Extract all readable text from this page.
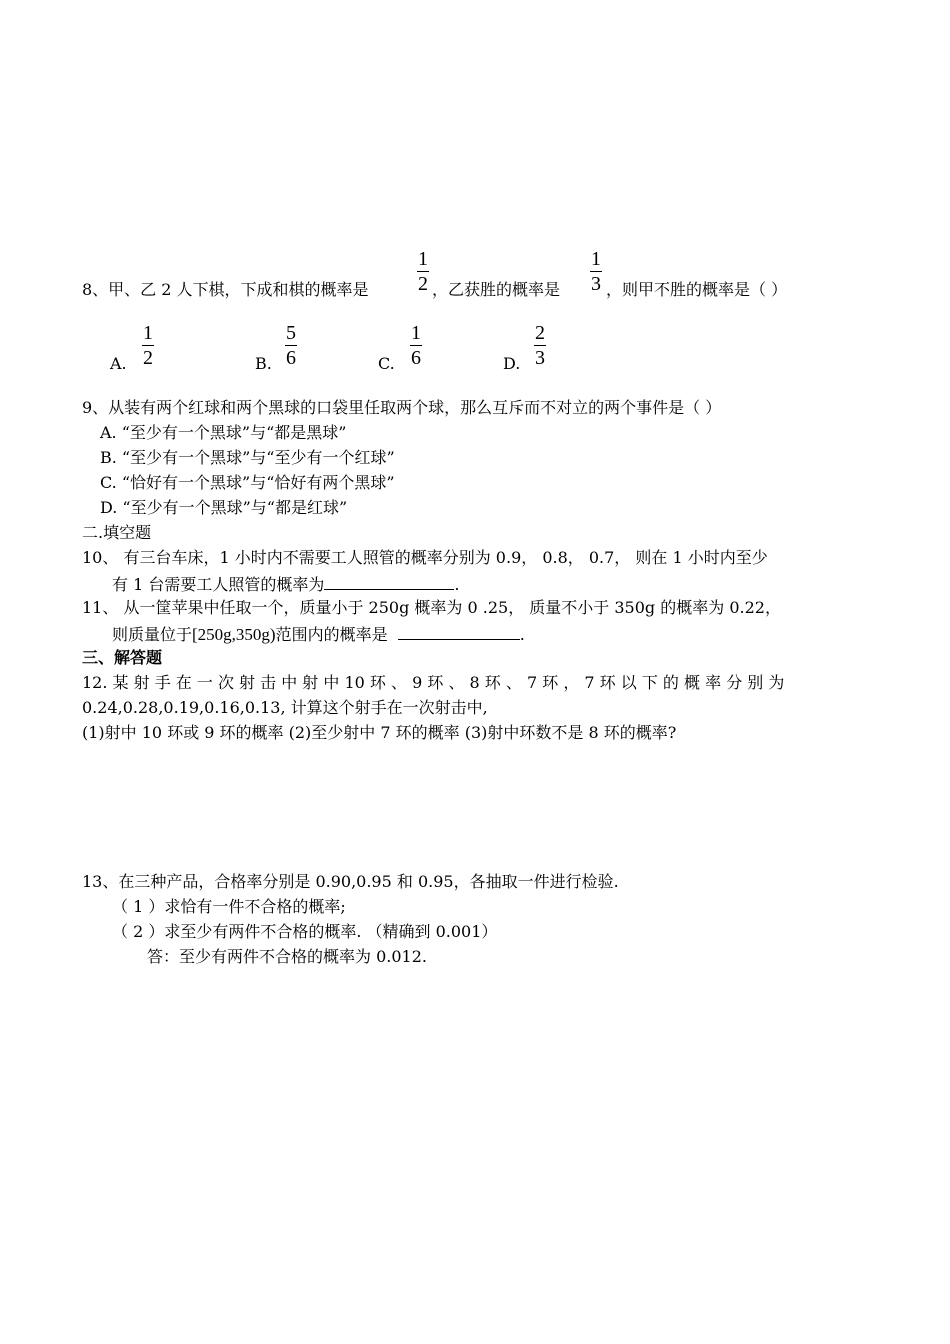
8、甲、乙 2 人下棋，下成和棋的概率是
1
2 ，乙获胜的概率是
1
3 ，则甲不胜的概率是（ ）
A.
1
2	B.
5
6	C.
1
6	D.
2
3
9、从装有两个红球和两个黑球的口袋里任取两个球，那么互斥而不对立的两个事件是（ ）
A. “至少有一个黑球”与“都是黑球”
B. “至少有一个黑球”与“至少有一个红球”
C. “恰好有一个黑球”与“恰好有两个黑球”
D. “至少有一个黑球”与“都是红球”
二.填空题
10、 有三台车床，1 小时内不需要工人照管的概率分别为 0.9， 0.8， 0.7， 则在 1 小时内至少
有 1 台需要工人照管的概率为	.
11、 从一筐苹果中任取一个，质量小于 250g 概率为 0 .25， 质量不小于 350g 的概率为 0.22，
则质量位于[250g,350g)范围内的概率是	.
三、解答题
12. 某 射 手 在 一 次 射 击 中 射 中 10 环 、 9 环 、 8 环 、 7 环 ， 7 环 以 下 的 概 率 分 别 为
0.24,0.28,0.19,0.16,0.13, 计算这个射手在一次射击中,
(1)射中 10 环或 9 环的概率 (2)至少射中 7 环的概率 (3)射中环数不是 8 环的概率?
13、在三种产品，合格率分别是 0.90,0.95 和 0.95，各抽取一件进行检验.
（ 1 ）求恰有一件不合格的概率;
（ 2 ）求至少有两件不合格的概率. （精确到 0.001）
答：至少有两件不合格的概率为 0.012.
